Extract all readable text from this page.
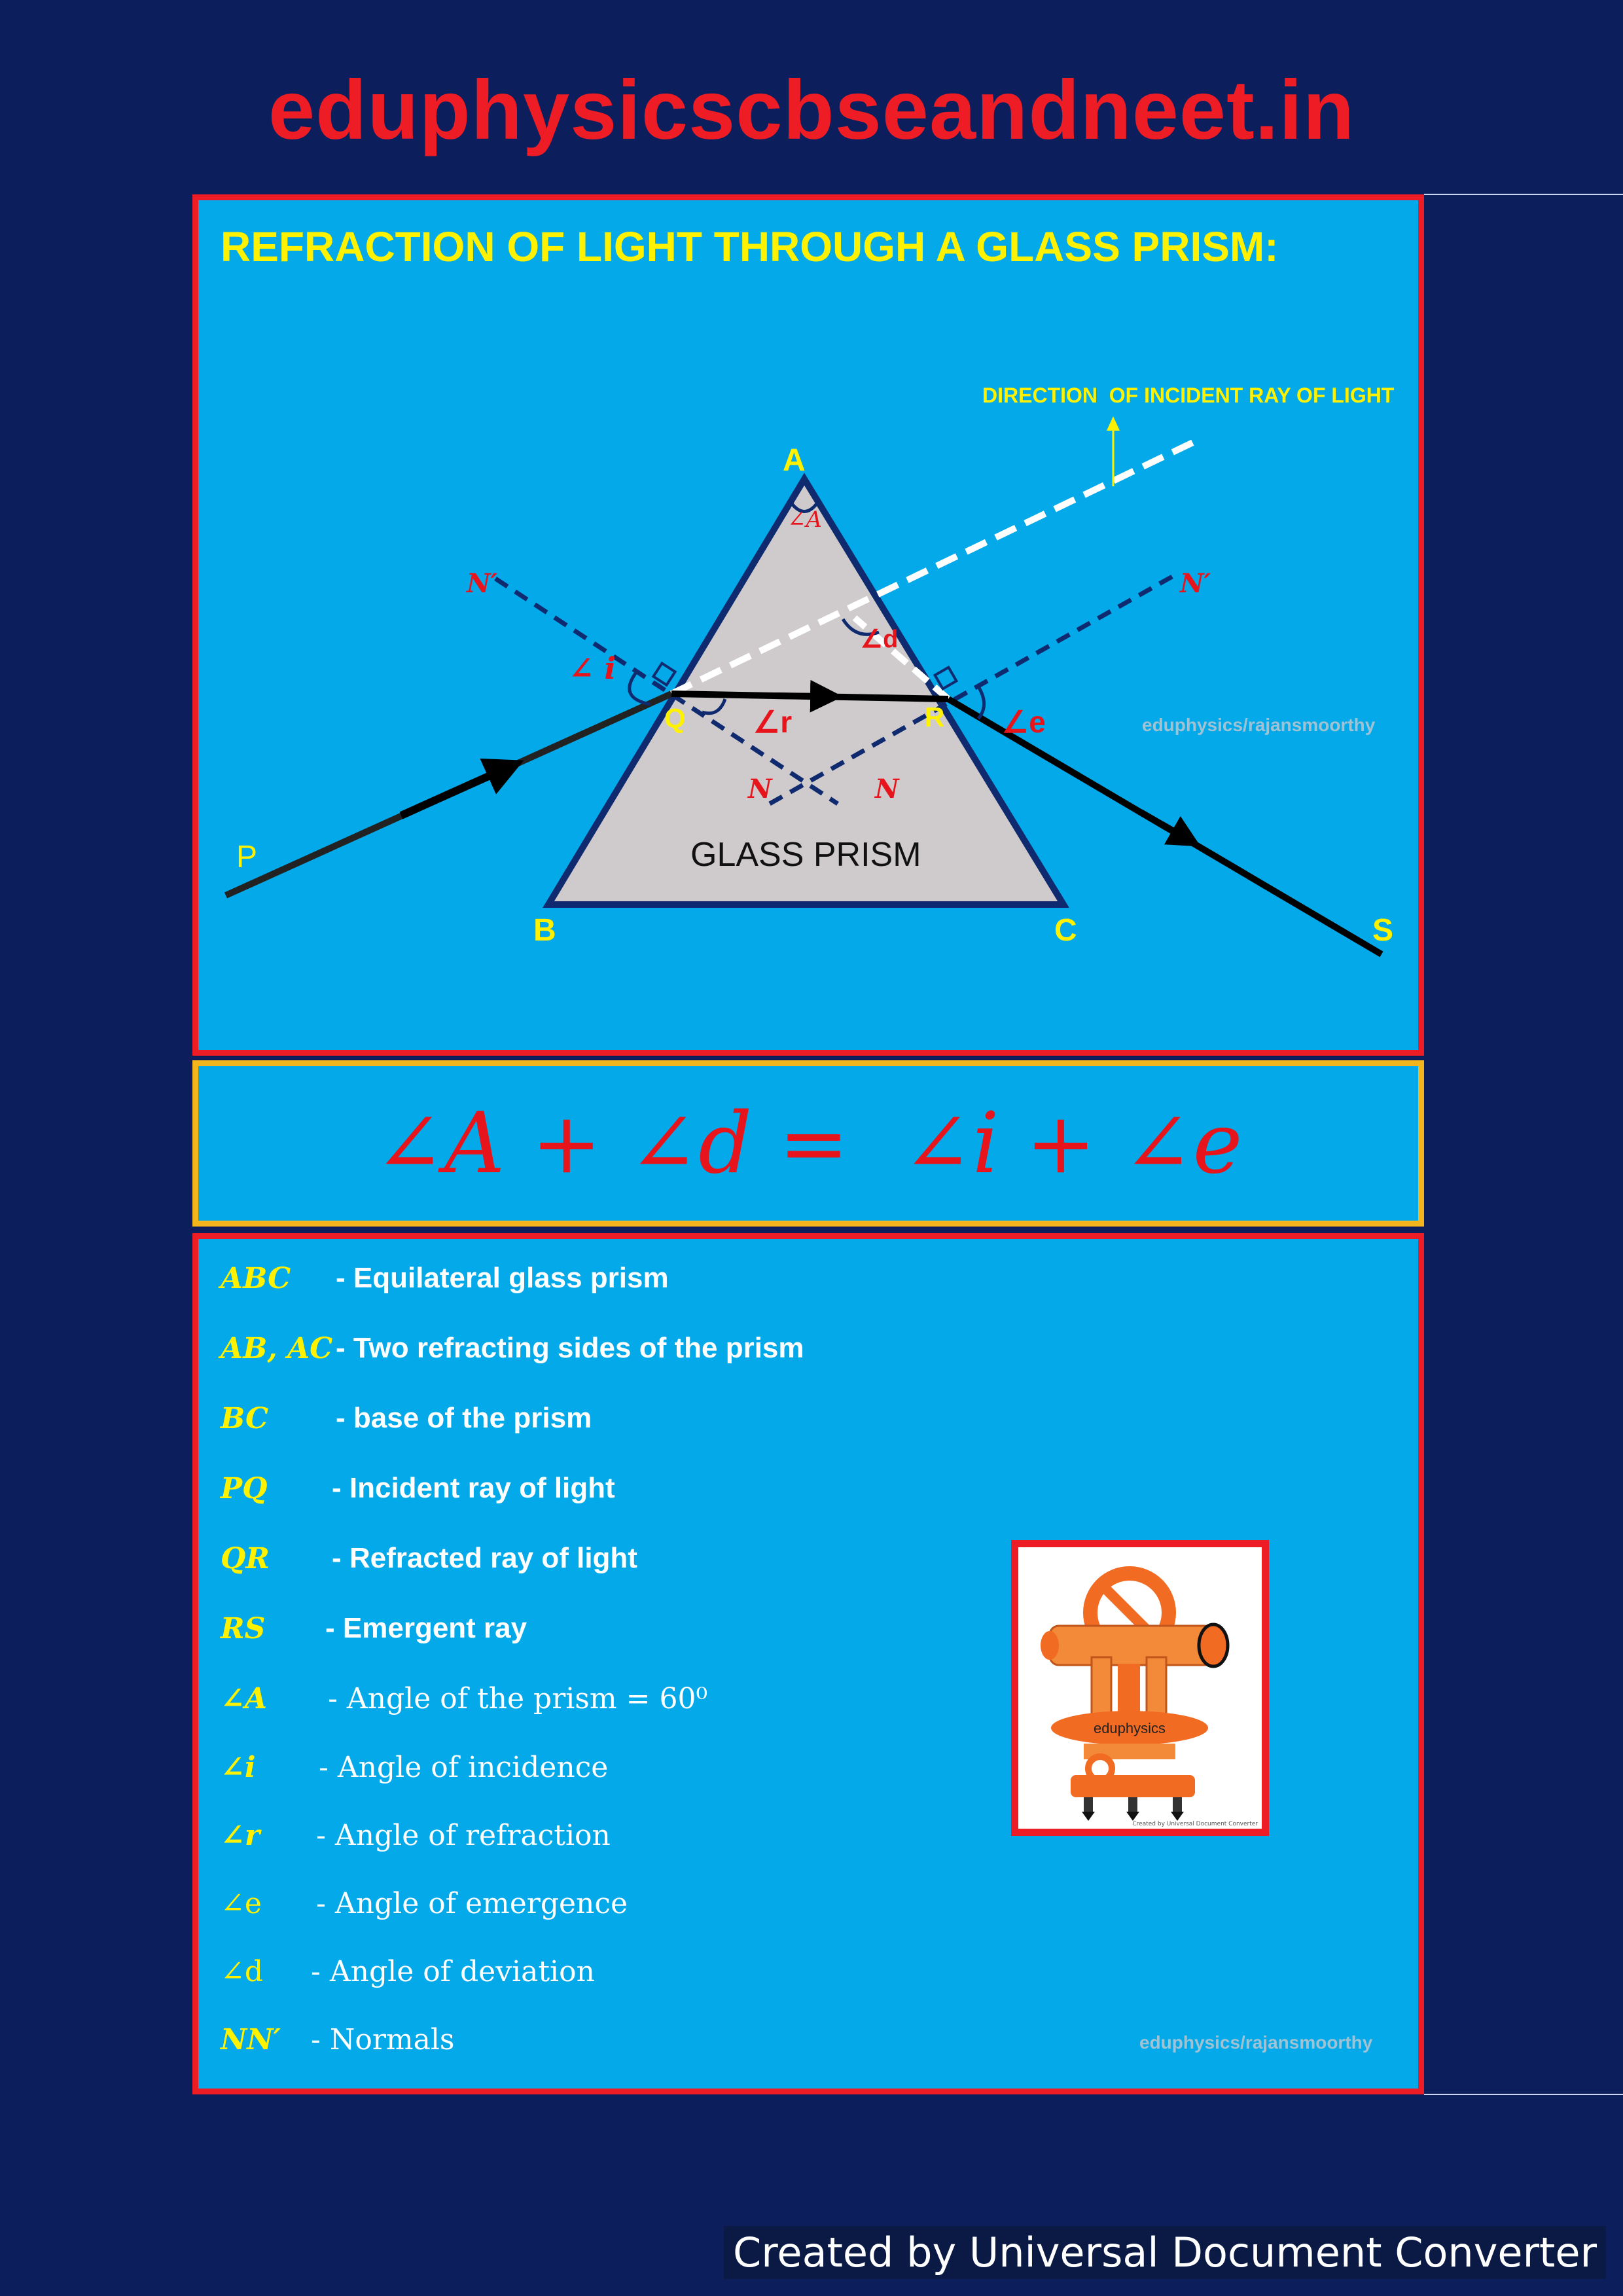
eduphysicscbseandneet.in
REFRACTION OF LIGHT THROUGH A GLASS PRISM:
DIRECTION  OF INCIDENT RAY OF LIGHT
A
∠A
N′	N′
∠ i
Q ∠r
∠d
R ∠e	eduphysics/rajansmoorthy
N	N
P	GLASS PRISM
B	C	S
∠A + ∠d =  ∠i + ∠e
ABC - Equilateral glass prism
AB, AC - Two refracting sides of the prism
BC - base of the prism
PQ - Incident ray of light
QR - Refracted ray of light
RS - Emergent ray
∠A - Angle of the prism = 60⁰
∠i - Angle of incidence
∠r - Angle of refraction
∠e - Angle of emergence
∠d - Angle of deviation
NN′ - Normals	eduphysics/rajansmoorthy
eduphysics
Created by Universal Document Converter
Created by Universal Document Converter
